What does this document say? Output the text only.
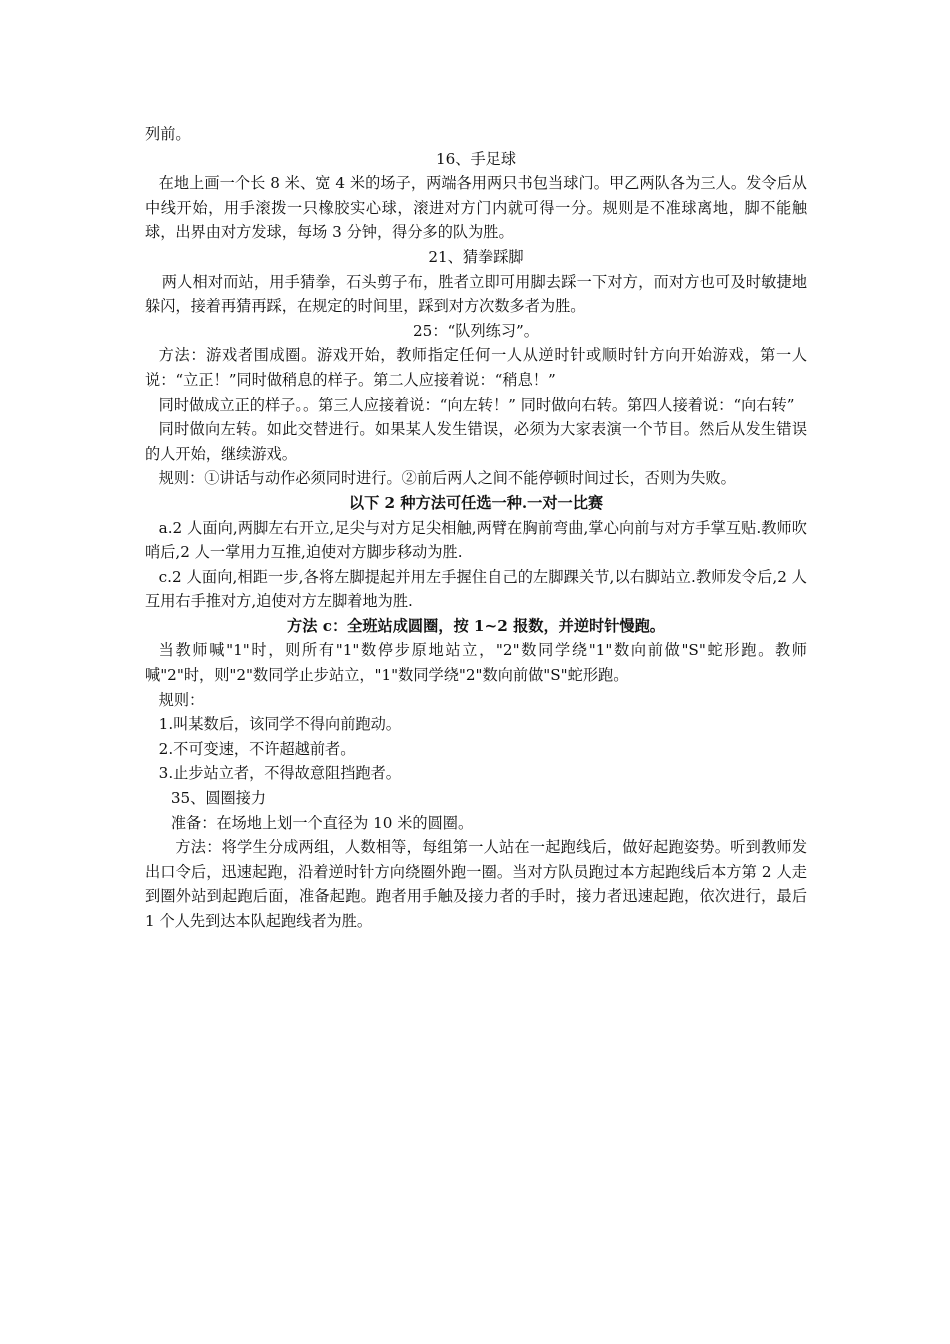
列前。

16、手足球

在地上画一个长 8 米、宽 4 米的场子，两端各用两只书包当球门。甲乙两队各为三人。发令后从中线开始，用手滚拨一只橡胶实心球，滚进对方门内就可得一分。规则是不准球离地，脚不能触球，出界由对方发球，每场 3 分钟，得分多的队为胜。

21、猜拳踩脚

两人相对而站，用手猜拳，石头剪子布，胜者立即可用脚去踩一下对方，而对方也可及时敏捷地躲闪，接着再猜再踩，在规定的时间里，踩到对方次数多者为胜。

25：“队列练习”。

方法：游戏者围成圈。游戏开始，教师指定任何一人从逆时针或顺时针方向开始游戏，第一人说：“立正！”同时做稍息的样子。第二人应接着说：“稍息！”

同时做成立正的样子。。第三人应接着说：“向左转！” 同时做向右转。第四人接着说：“向右转”

同时做向左转。如此交替进行。如果某人发生错误，必须为大家表演一个节目。然后从发生错误的人开始，继续游戏。

规则：①讲话与动作必须同时进行。②前后两人之间不能停顿时间过长，否则为失败。

以下 2 种方法可任选一种.一对一比赛

a.2 人面向,两脚左右开立,足尖与对方足尖相触,两臂在胸前弯曲,掌心向前与对方手掌互贴.教师吹哨后,2 人一掌用力互推,迫使对方脚步移动为胜.

c.2 人面向,相距一步,各将左脚提起并用左手握住自己的左脚踝关节,以右脚站立.教师发令后,2 人互用右手推对方,迫使对方左脚着地为胜.

方法 c：全班站成圆圈，按 1~2 报数，并逆时针慢跑。

当教师喊"1"时，则所有"1"数停步原地站立，"2"数同学绕"1"数向前做"S"蛇形跑。教师喊"2"时，则"2"数同学止步站立，"1"数同学绕"2"数向前做"S"蛇形跑。

规则：

1.叫某数后，该同学不得向前跑动。

2.不可变速，不许超越前者。

3.止步站立者，不得故意阻挡跑者。

35、圆圈接力

准备：在场地上划一个直径为 10 米的圆圈。

方法：将学生分成两组，人数相等，每组第一人站在一起跑线后，做好起跑姿势。听到教师发出口令后，迅速起跑，沿着逆时针方向绕圈外跑一圈。当对方队员跑过本方起跑线后本方第 2 人走到圈外站到起跑后面，准备起跑。跑者用手触及接力者的手时，接力者迅速起跑，依次进行，最后 1 个人先到达本队起跑线者为胜。
